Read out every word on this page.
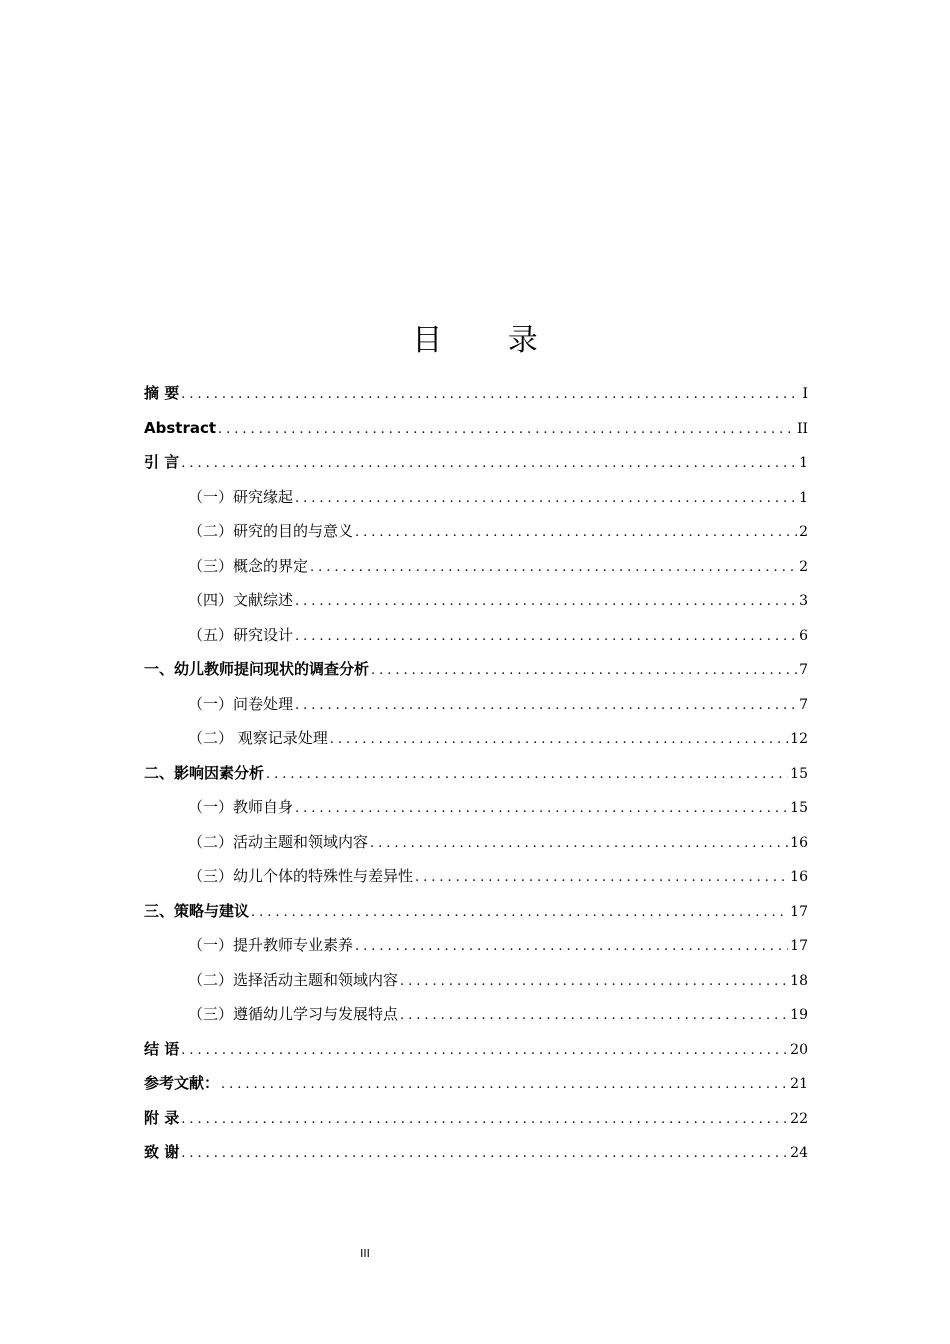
目 录
摘 要 .....	I
Abstract .....	II
引 言 .....	1
（一）研究缘起 .....	1
（二）研究的目的与意义 .....	2
（三）概念的界定 .....	2
（四）文献综述 .....	3
（五）研究设计 .....	6
一、幼儿教师提问现状的调查分析 .....	7
（一）问卷处理 .....	7
（二） 观察记录处理 .....	12
二、影响因素分析 .....	15
（一）教师自身 .....	15
（二）活动主题和领域内容 .....	16
（三）幼儿个体的特殊性与差异性 .....	16
三、策略与建议 .....	17
（一）提升教师专业素养 .....	17
（二）选择活动主题和领域内容 .....	18
（三）遵循幼儿学习与发展特点 .....	19
结 语 .....	20
参考文献： .....	21
附 录 .....	22
致 谢 .....	24
III
